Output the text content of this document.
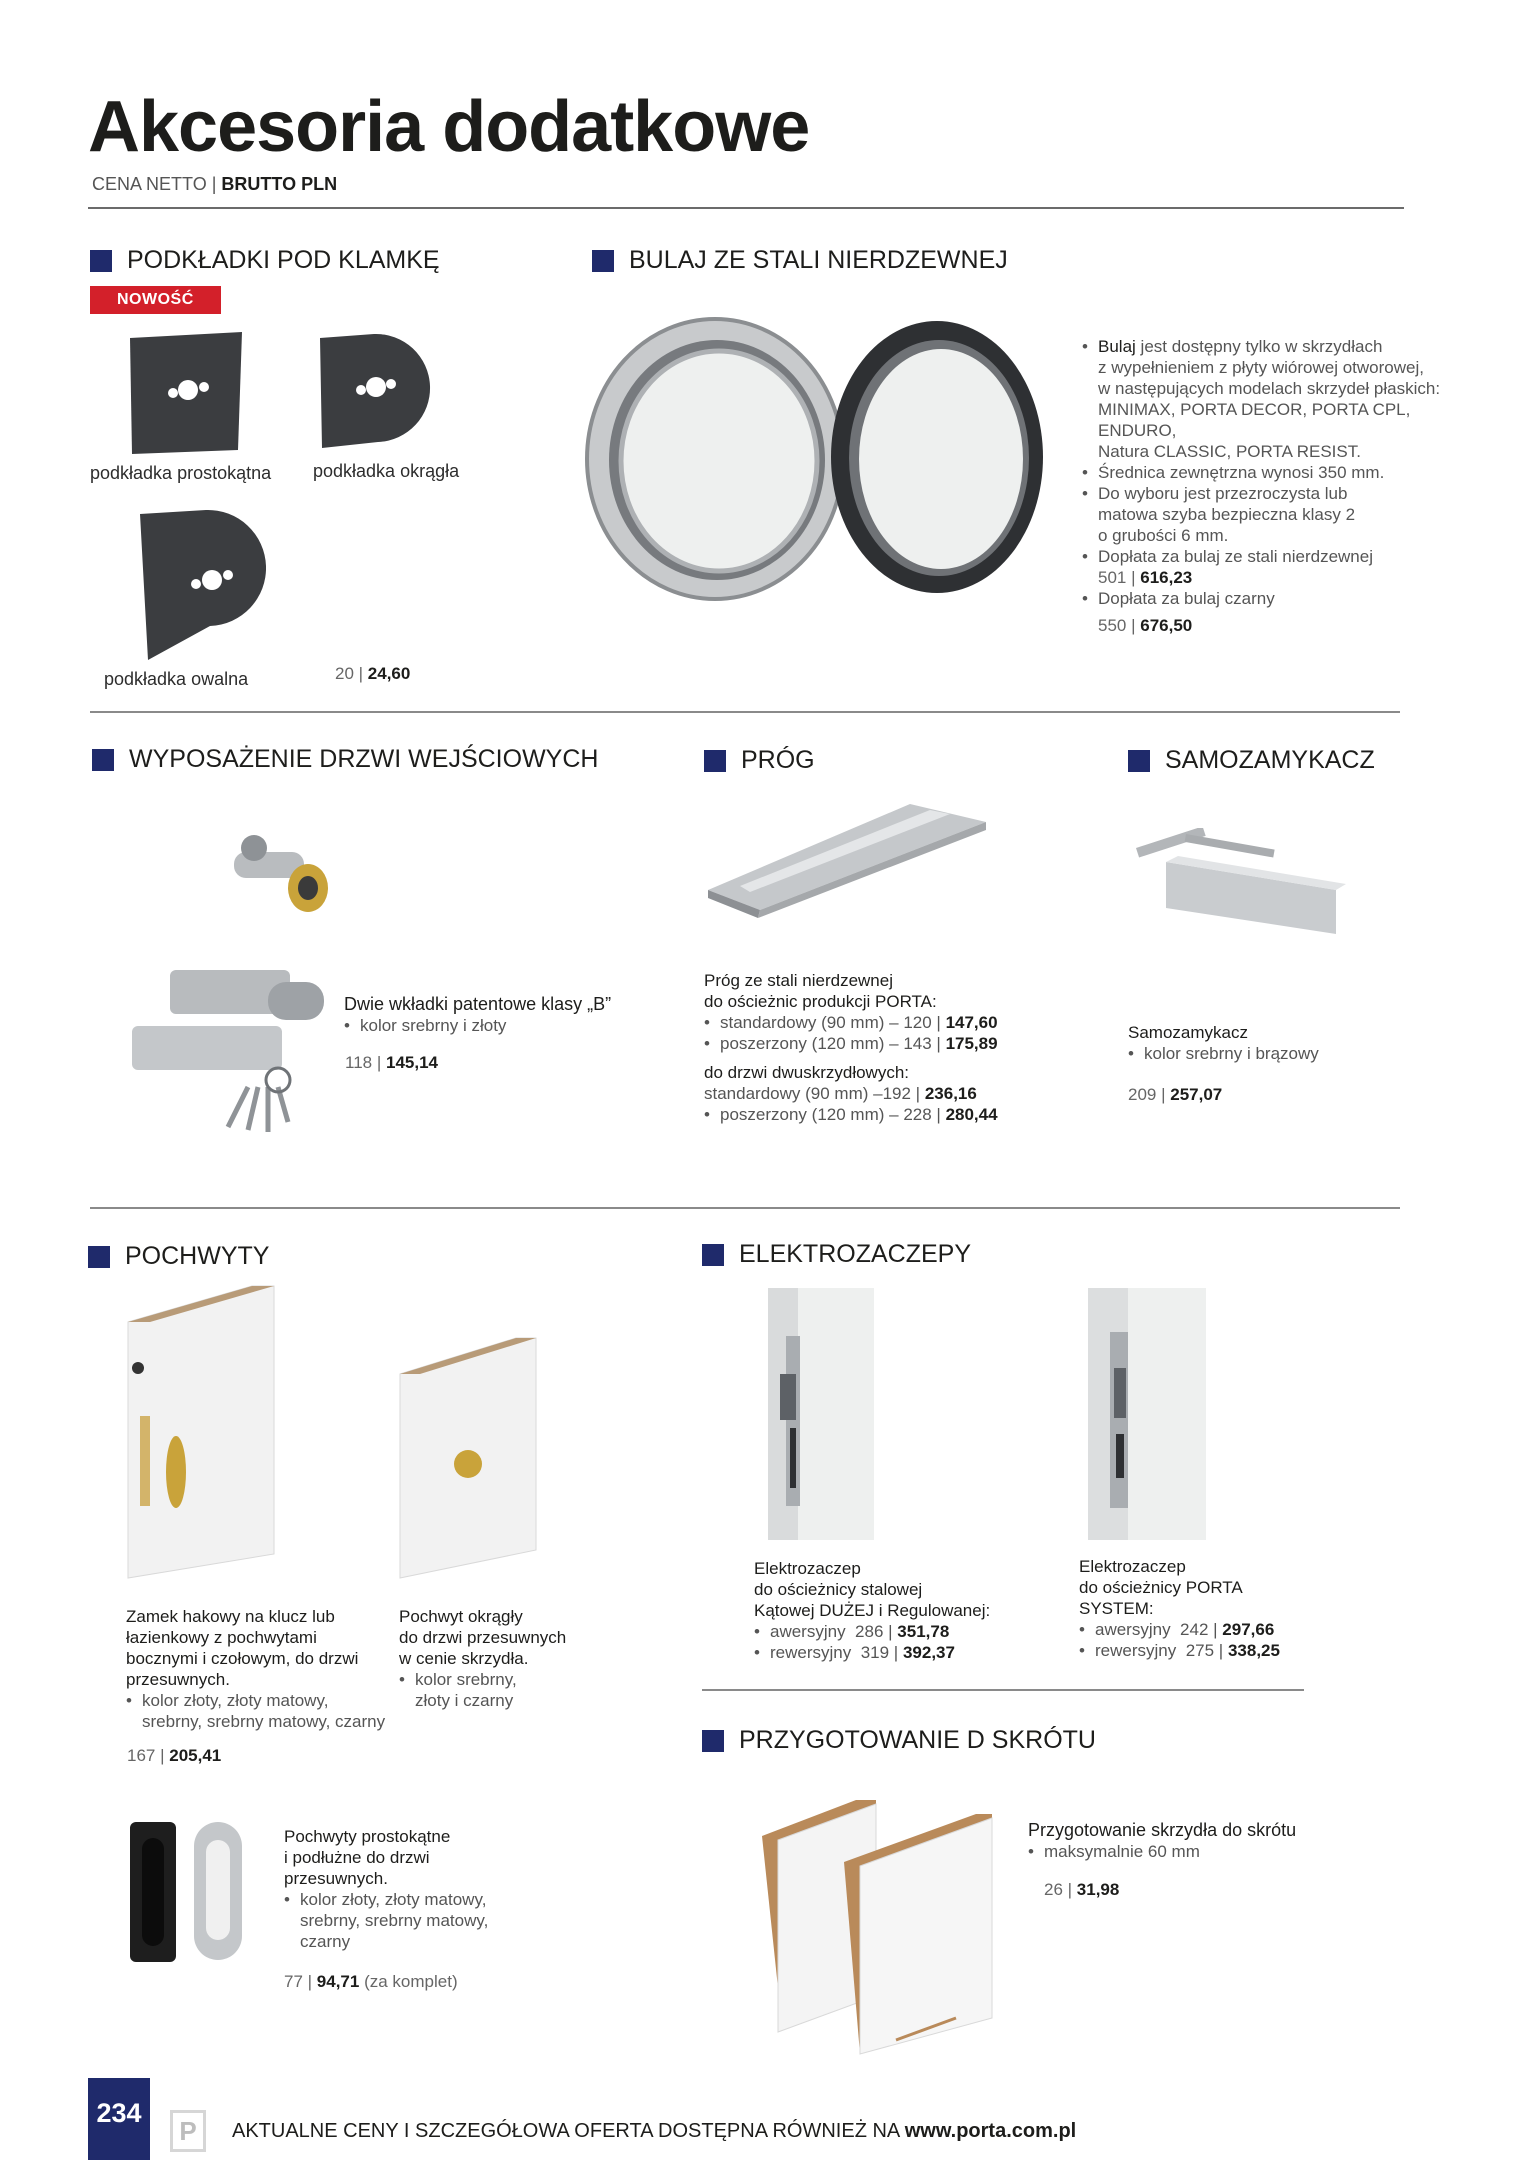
Akcesoria dodatkowe
CENA NETTO | BRUTTO PLN
PODKŁADKI POD KLAMKĘ
NOWOŚĆ
podkładka prostokątna podkładka okrągła
podkładka owalna	20 | 24,60
BULAJ ZE STALI NIERDZEWNEJ
• Bulaj jest dostępny tylko w skrzydłach
z wypełnieniem z płyty wiórowej otworowej,
w następujących modelach skrzydeł płaskich:
MINIMAX, PORTA DECOR, PORTA CPL, ENDURO,
Natura CLASSIC, PORTA RESIST.
• Średnica zewnętrzna wynosi 350 mm.
• Do wyboru jest przezroczysta lub
matowa szyba bezpieczna klasy 2
o grubości 6 mm.
• Dopłata za bulaj ze stali nierdzewnej
501 | 616,23
• Dopłata za bulaj czarny
550 | 676,50
WYPOSAŻENIE DRZWI WEJŚCIOWYCH
Dwie wkładki patentowe klasy „B”
• kolor srebrny i złoty
118 | 145,14
PRÓG
Próg ze stali nierdzewnej
do ościeżnic produkcji PORTA:
• standardowy (90 mm) – 120 | 147,60
• poszerzony (120 mm) – 143 | 175,89
do drzwi dwuskrzydłowych:
standardowy (90 mm) –192 | 236,16
• poszerzony (120 mm) – 228 | 280,44
SAMOZAMYKACZ
Samozamykacz
• kolor srebrny i brązowy
209 | 257,07
POCHWYTY
Zamek hakowy na klucz lub
łazienkowy z pochwytami
bocznymi i czołowym, do drzwi
przesuwnych.
• kolor złoty, złoty matowy,
srebrny, srebrny matowy, czarny
167 | 205,41
Pochwyt okrągły
do drzwi przesuwnych
w cenie skrzydła.
• kolor srebrny,
złoty i czarny
Pochwyty prostokątne
i podłużne do drzwi
przesuwnych.
• kolor złoty, złoty matowy,
srebrny, srebrny matowy,
czarny
77 | 94,71 (za komplet)
ELEKTROZACZEPY
Elektrozaczep
do ościeżnicy stalowej
Kątowej DUŻEJ i Regulowanej:
• awersyjny 286 | 351,78
• rewersyjny 319 | 392,37
Elektrozaczep
do ościeżnicy PORTA
SYSTEM:
• awersyjny 242 | 297,66
• rewersyjny 275 | 338,25
PRZYGOTOWANIE D SKRÓTU
Przygotowanie skrzydła do skrótu
• maksymalnie 60 mm
26 | 31,98
234
P	AKTUALNE CENY I SZCZEGÓŁOWA OFERTA DOSTĘPNA RÓWNIEŻ NA www.porta.com.pl
